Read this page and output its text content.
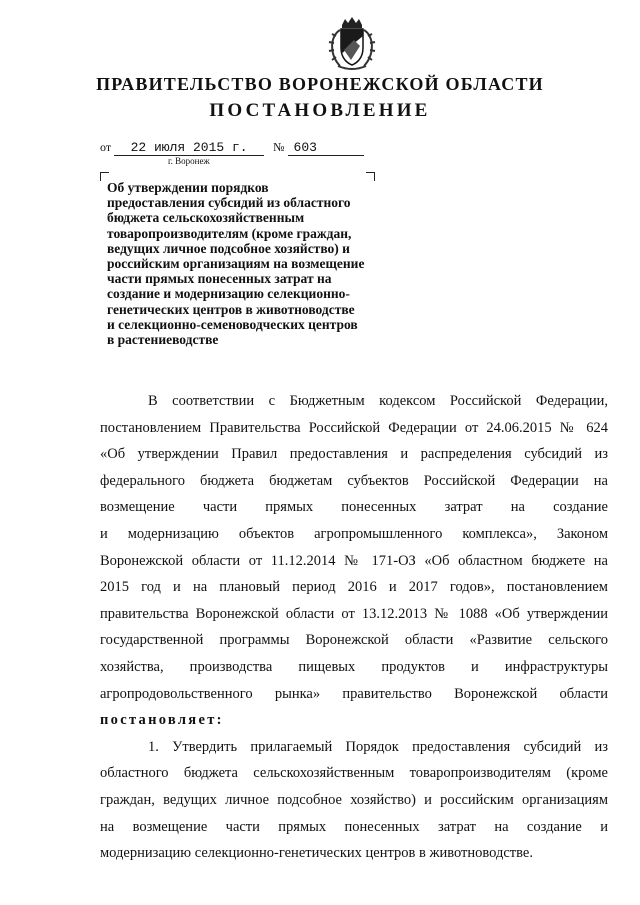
ПРАВИТЕЛЬСТВО ВОРОНЕЖСКОЙ ОБЛАСТИ
ПОСТАНОВЛЕНИЕ
от 22 июля 2015 г. № 603
г. Воронеж
Об утверждении порядков
предоставления субсидий из областного
бюджета сельскохозяйственным
товаропроизводителям (кроме граждан,
ведущих личное подсобное хозяйство) и
российским организациям на возмещение
части прямых понесенных затрат на
создание и модернизацию селекционно-
генетических центров в животноводстве
и селекционно-семеноводческих центров
в растениеводстве
В соответствии с Бюджетным кодексом Российской Федерации,
постановлением Правительства Российской Федерации от 24.06.2015 № 624
«Об утверждении Правил предоставления и распределения субсидий из
федерального бюджета бюджетам субъектов Российской Федерации на
возмещение части прямых понесенных затрат на создание
и модернизацию объектов агропромышленного комплекса», Законом
Воронежской области от 11.12.2014 № 171-ОЗ «Об областном бюджете на
2015 год и на плановый период 2016 и 2017 годов», постановлением
правительства Воронежской области от 13.12.2013 № 1088 «Об утверждении
государственной программы Воронежской области «Развитие сельского
хозяйства, производства пищевых продуктов и инфраструктуры
агропродовольственного рынка» правительство Воронежской области
постановляет:
1. Утвердить прилагаемый Порядок предоставления субсидий из
областного бюджета сельскохозяйственным товаропроизводителям (кроме
граждан, ведущих личное подсобное хозяйство) и российским организациям
на возмещение части прямых понесенных затрат на создание и
модернизацию селекционно-генетических центров в животноводстве.
